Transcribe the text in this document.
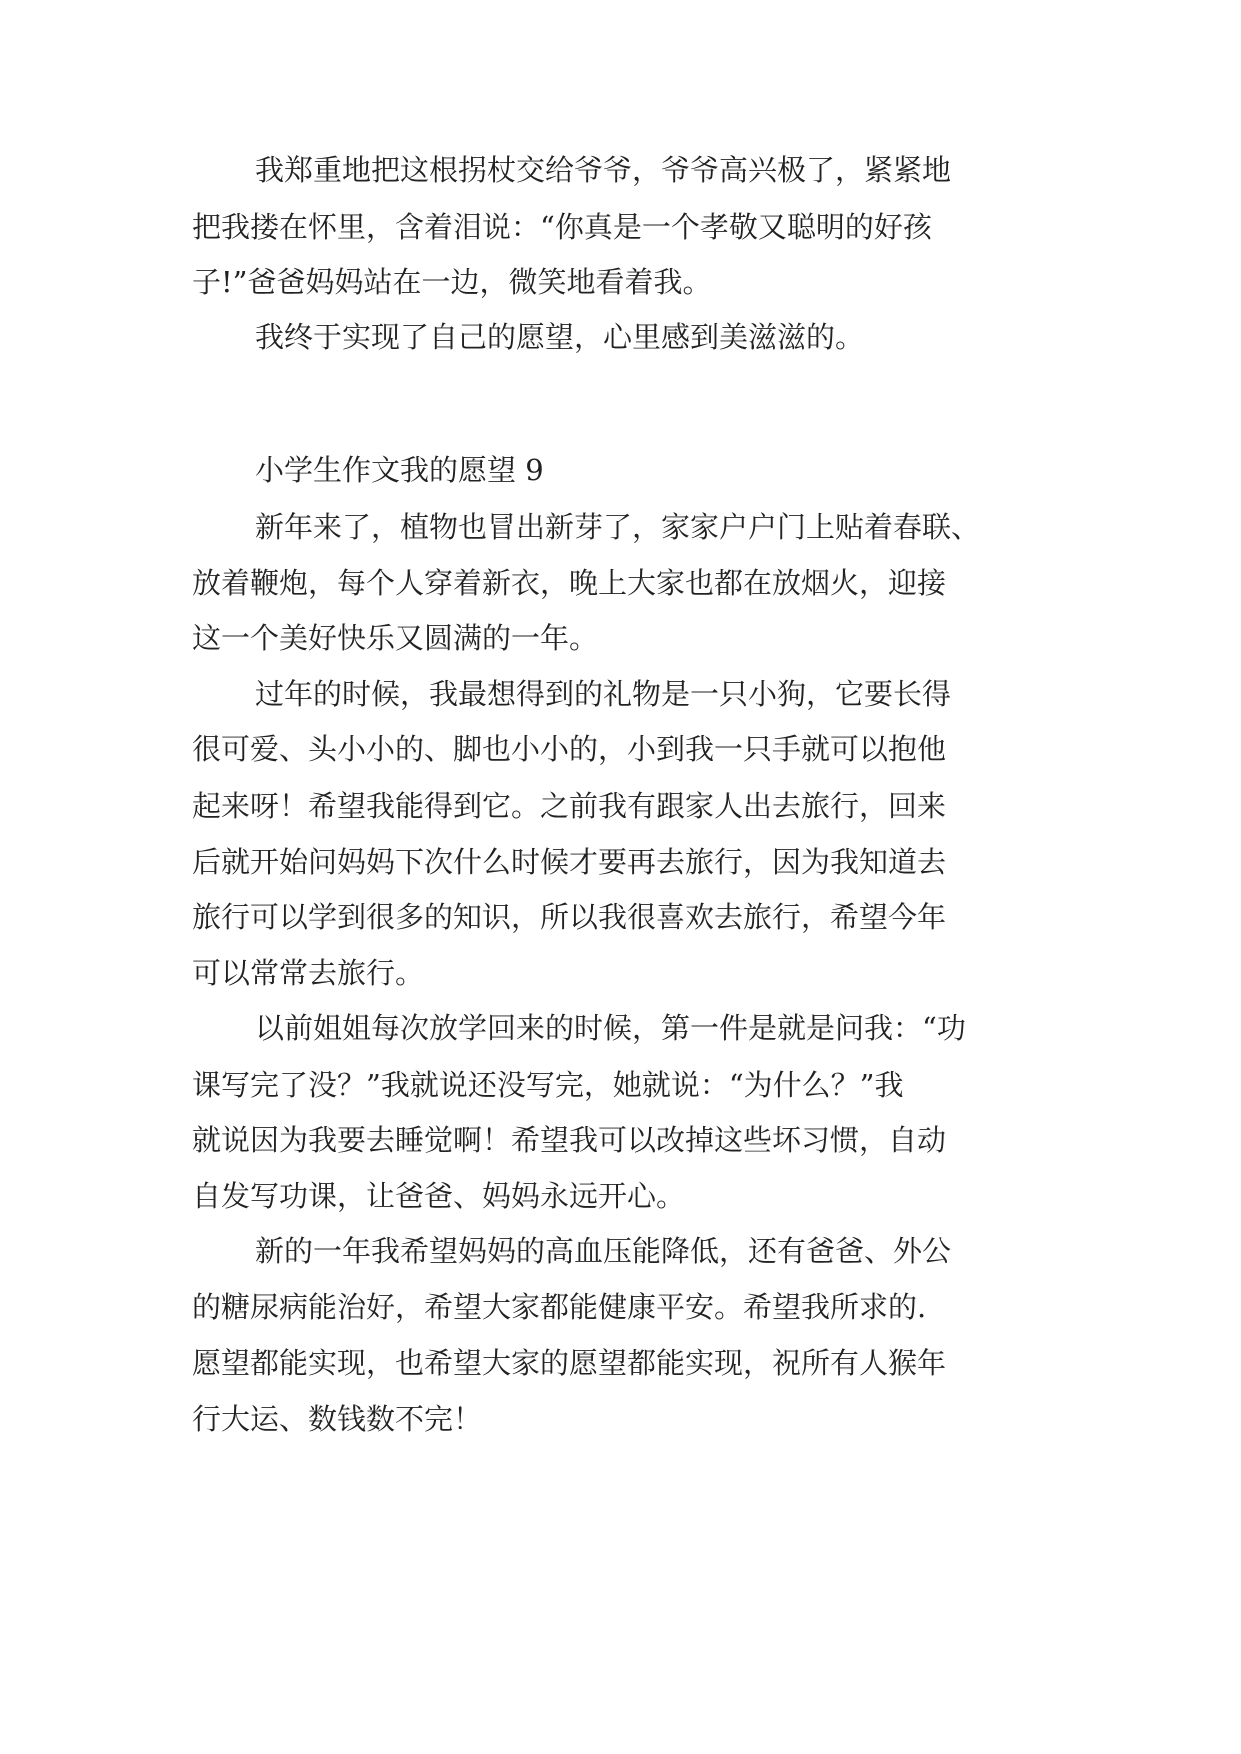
我郑重地把这根拐杖交给爷爷，爷爷高兴极了，紧紧地
把我搂在怀里，含着泪说：“你真是一个孝敬又聪明的好孩
子!”爸爸妈妈站在一边，微笑地看着我。
我终于实现了自己的愿望，心里感到美滋滋的。
小学生作文我的愿望 9
新年来了，植物也冒出新芽了，家家户户门上贴着春联、
放着鞭炮，每个人穿着新衣，晚上大家也都在放烟火，迎接
这一个美好快乐又圆满的一年。
过年的时候，我最想得到的礼物是一只小狗，它要长得
很可爱、头小小的、脚也小小的，小到我一只手就可以抱他
起来呀！希望我能得到它。之前我有跟家人出去旅行，回来
后就开始问妈妈下次什么时候才要再去旅行，因为我知道去
旅行可以学到很多的知识，所以我很喜欢去旅行，希望今年
可以常常去旅行。
以前姐姐每次放学回来的时候，第一件是就是问我：“功
课写完了没？”我就说还没写完，她就说：“为什么？”我
就说因为我要去睡觉啊！希望我可以改掉这些坏习惯，自动
自发写功课，让爸爸、妈妈永远开心。
新的一年我希望妈妈的高血压能降低，还有爸爸、外公
的糖尿病能治好，希望大家都能健康平安。希望我所求的.
愿望都能实现，也希望大家的愿望都能实现，祝所有人猴年
行大运、数钱数不完！
